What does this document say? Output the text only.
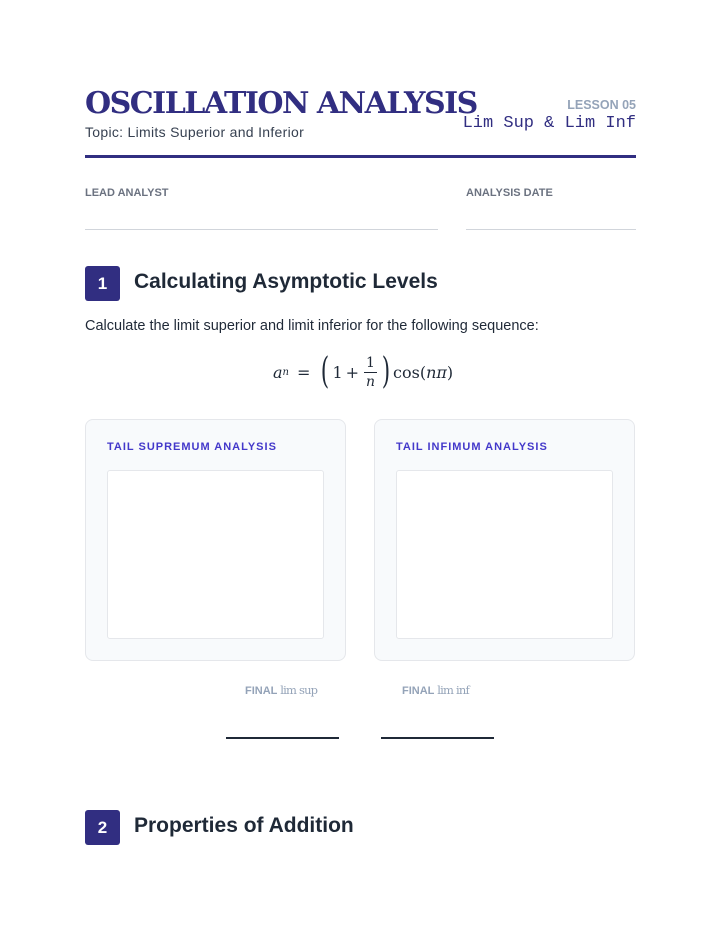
OSCILLATION ANALYSIS
Topic: Limits Superior and Inferior
LESSON 05
Lim Sup & Lim Inf
LEAD ANALYST	ANALYSIS DATE
1	Calculating Asymptotic Levels
Calculate the limit superior and limit inferior for the following sequence:
a n = ( $1 + \frac{1}{n}$ ) cos ( nπ )
TAIL SUPREMUM ANALYSIS	TAIL INFIMUM ANALYSIS
FINAL lim sup	FINAL lim inf
2	Properties of Addition
